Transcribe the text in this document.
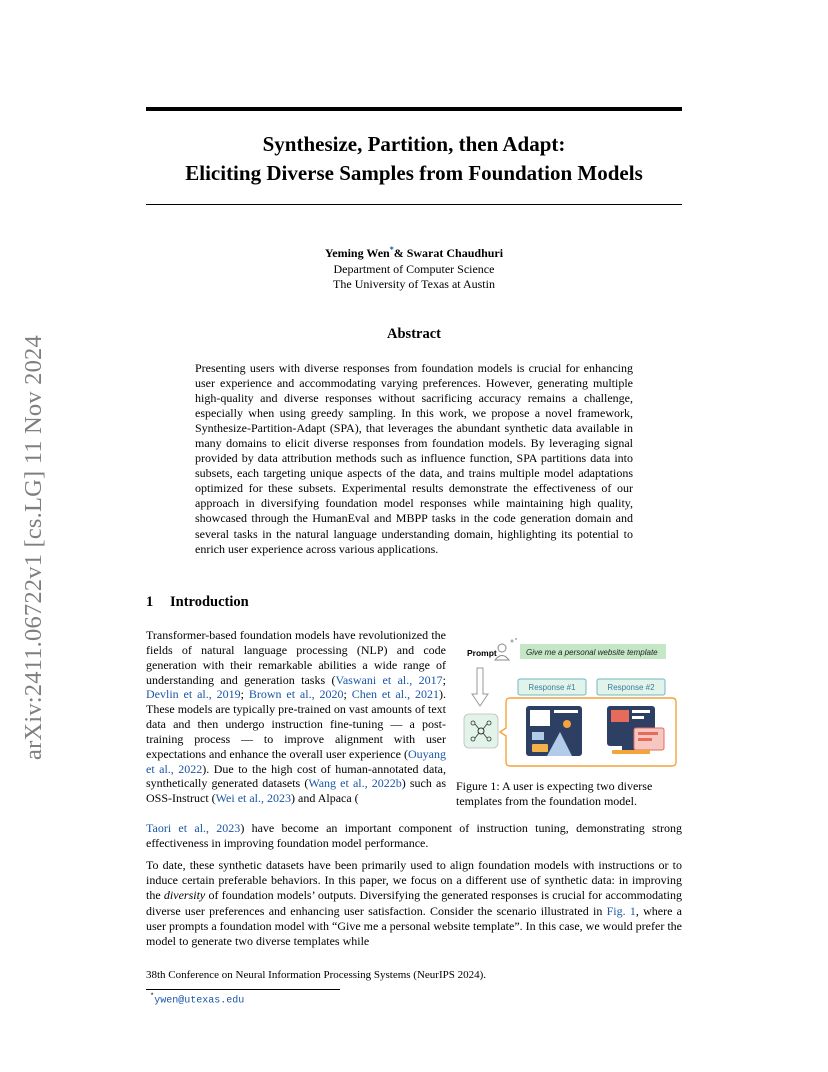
arXiv:2411.06722v1 [cs.LG] 11 Nov 2024
Synthesize, Partition, then Adapt:
Eliciting Diverse Samples from Foundation Models
Yeming Wen*& Swarat Chaudhuri
Department of Computer Science
The University of Texas at Austin
Abstract
Presenting users with diverse responses from foundation models is crucial for enhancing user experience and accommodating varying preferences. However, generating multiple high-quality and diverse responses without sacrificing accuracy remains a challenge, especially when using greedy sampling. In this work, we propose a novel framework, Synthesize-Partition-Adapt (SPA), that leverages the abundant synthetic data available in many domains to elicit diverse responses from foundation models. By leveraging signal provided by data attribution methods such as influence function, SPA partitions data into subsets, each targeting unique aspects of the data, and trains multiple model adaptations optimized for these subsets. Experimental results demonstrate the effectiveness of our approach in diversifying foundation model responses while maintaining high quality, showcased through the HumanEval and MBPP tasks in the code generation domain and several tasks in the natural language understanding domain, highlighting its potential to enrich user experience across various applications.
1 Introduction
Transformer-based foundation models have revolutionized the fields of natural language processing (NLP) and code generation with their remarkable abilities a wide range of understanding and generation tasks (Vaswani et al., 2017; Devlin et al., 2019; Brown et al., 2020; Chen et al., 2021). These models are typically pre-trained on vast amounts of text data and then undergo instruction fine-tuning — a post-training process — to improve alignment with user expectations and enhance the overall user experience (Ouyang et al., 2022). Due to the high cost of human-annotated data, synthetically generated datasets (Wang et al., 2022b) such as OSS-Instruct (Wei et al., 2023) and Alpaca (
Taori et al., 2023) have become an important component of instruction tuning, demonstrating strong effectiveness in improving foundation model performance.
To date, these synthetic datasets have been primarily used to align foundation models with instructions or to induce certain preferable behaviors. In this paper, we focus on a different use of synthetic data: in improving the diversity of foundation models’ outputs. Diversifying the generated responses is crucial for accommodating diverse user preferences and enhancing user satisfaction. Consider the scenario illustrated in Fig. 1, where a user prompts a foundation model with “Give me a personal website template”. In this case, we would prefer the model to generate two diverse templates while
Prompt	Give me a personal website template
Response #1	Response #2
Figure 1: A user is expecting two diverse templates from the foundation model.
38th Conference on Neural Information Processing Systems (NeurIPS 2024).
*ywen@utexas.edu
